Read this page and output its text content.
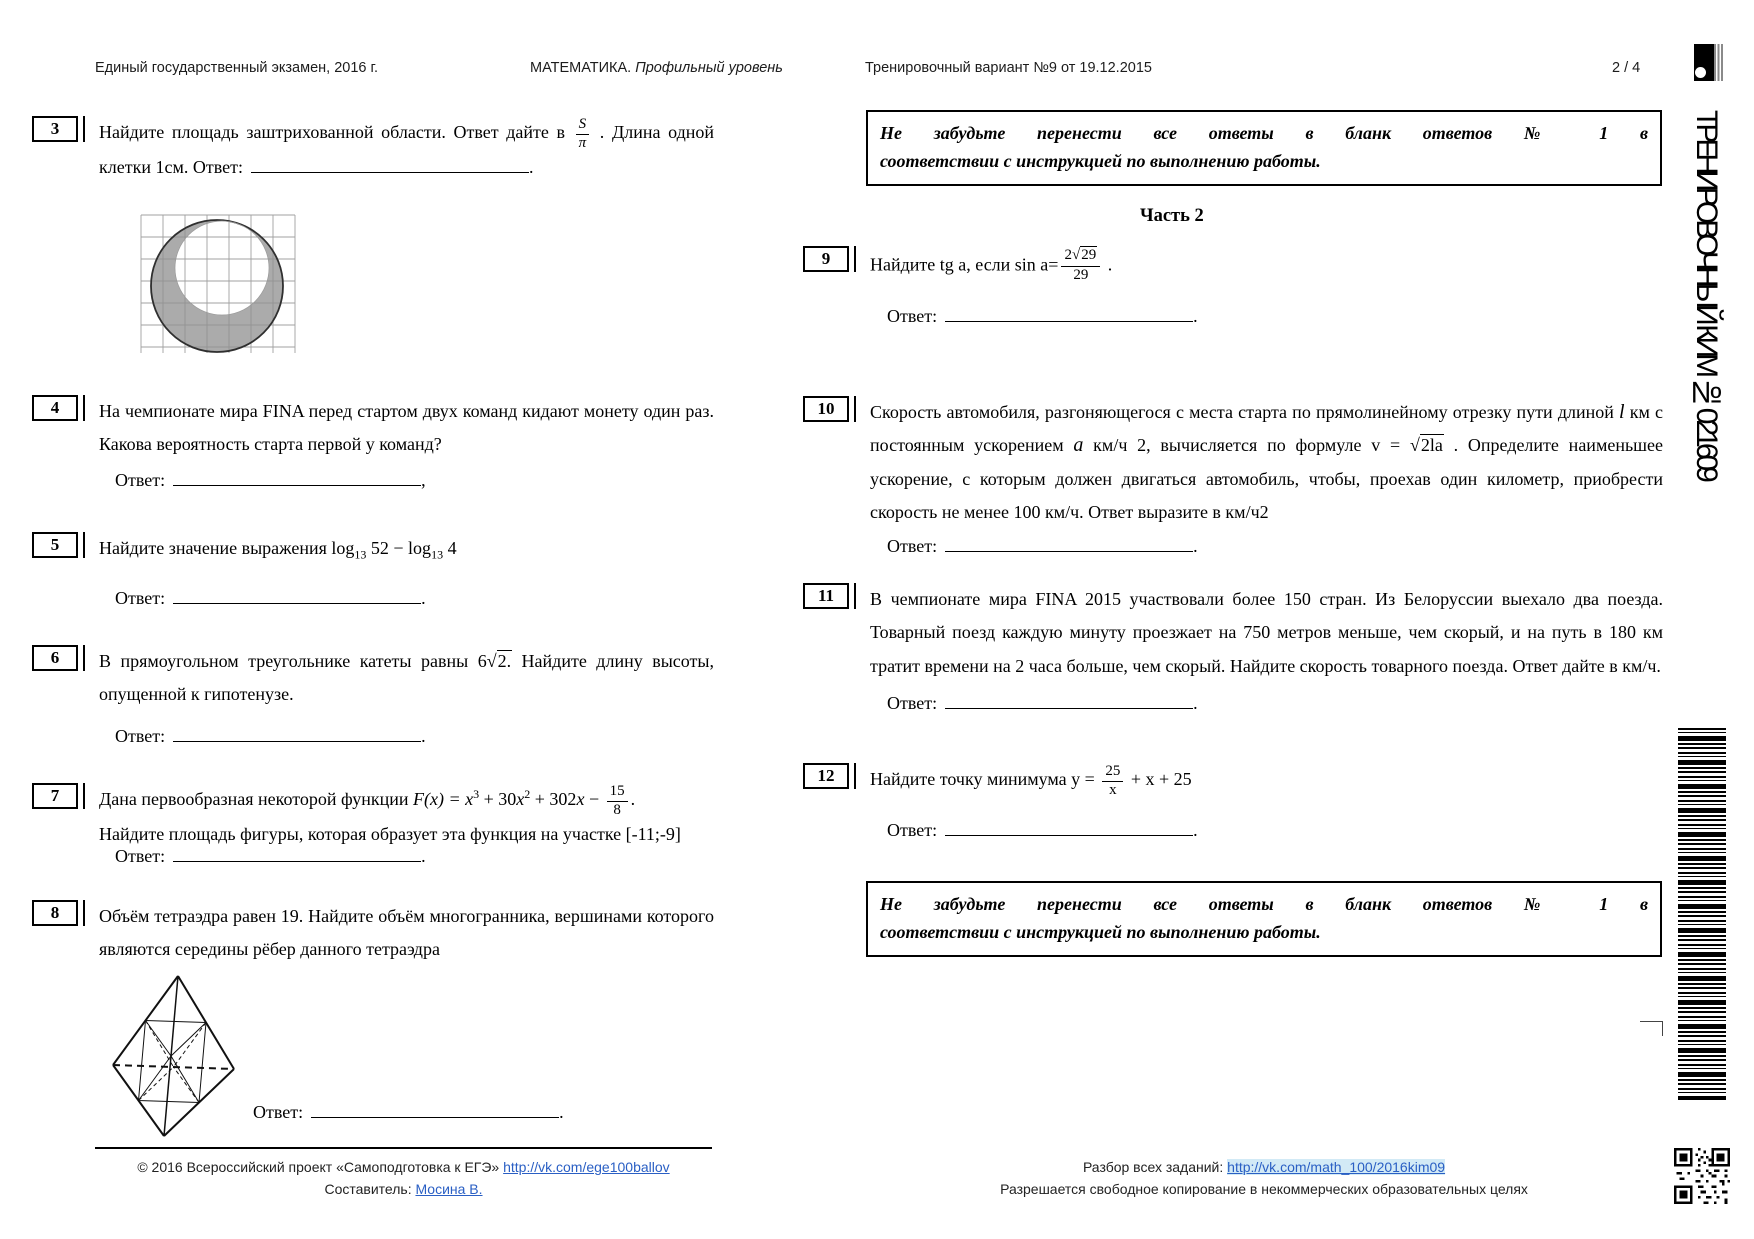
Единый государственный экзамен, 2016 г.	МАТЕМАТИКА. Профильный уровень	Тренировочный вариант №9 от 19.12.2015	2 / 4
3	Найдите площадь заштрихованной области. Ответ дайте в $\frac{S}{\pi}$ . Длина одной клетки 1см. Ответ:	.
4	На чемпионате мира FINA перед стартом двух команд кидают монету один раз. Какова вероятность старта первой у команд?
Ответ:	,
5	Найдите значение выражения $\log_{13} 52 - \log_{13} 4$
Ответ:	.
6	В прямоугольном треугольнике катеты равны 6√2. Найдите длину высоты, опущенной к гипотенузе.
Ответ:	.
7	Дана первообразная некоторой функции $F(x) = x^3 + 30x^2 + 302x - \frac{15}{8}$ .
Найдите площадь фигуры, которая образует эта функция на участке [-11;-9]
Ответ:	.
8	Объём тетраэдра равен 19. Найдите объём многогранника, вершинами которого являются середины рёбер данного тетраэдра
Ответ:	.
© 2016 Всероссийский проект «Самоподготовка к ЕГЭ» http://vk.com/ege100ballov
Составитель: Мосина В.
Не забудьте перенести все ответы в бланк ответов № 1 в
соответствии с инструкцией по выполнению работы.
Часть 2
9	Найдите tg a, если $\sin a= \frac{2√29}{29}$ .
Ответ:	.
10	Скорость автомобиля, разгоняющегося с места старта по прямолинейному отрезку пути длиной l км с постоянным ускорением a км/ч 2, вычисляется по формуле v = √2la . Определите наименьшее ускорение, с которым должен двигаться автомобиль, чтобы, проехав один километр, приобрести скорость не менее 100 км/ч. Ответ выразите в км/ч2
Ответ:	.
11	В чемпионате мира FINA 2015 участвовали более 150 стран. Из Белоруссии выехало два поезда. Товарный поезд каждую минуту проезжает на 750 метров меньше, чем скорый, и на путь в 180 км тратит времени на 2 часа больше, чем скорый. Найдите скорость товарного поезда. Ответ дайте в км/ч.
Ответ:	.
12	Найдите точку минимума $y = \frac{25}{x} + x + 25$
Ответ:	.
Не забудьте перенести все ответы в бланк ответов № 1 в
соответствии с инструкцией по выполнению работы.
Разбор всех заданий: http://vk.com/math_100/2016kim09
Разрешается свободное копирование в некоммерческих образовательных целях
ТРЕНИРОВОЧНЫЙ КИМ № 021609
